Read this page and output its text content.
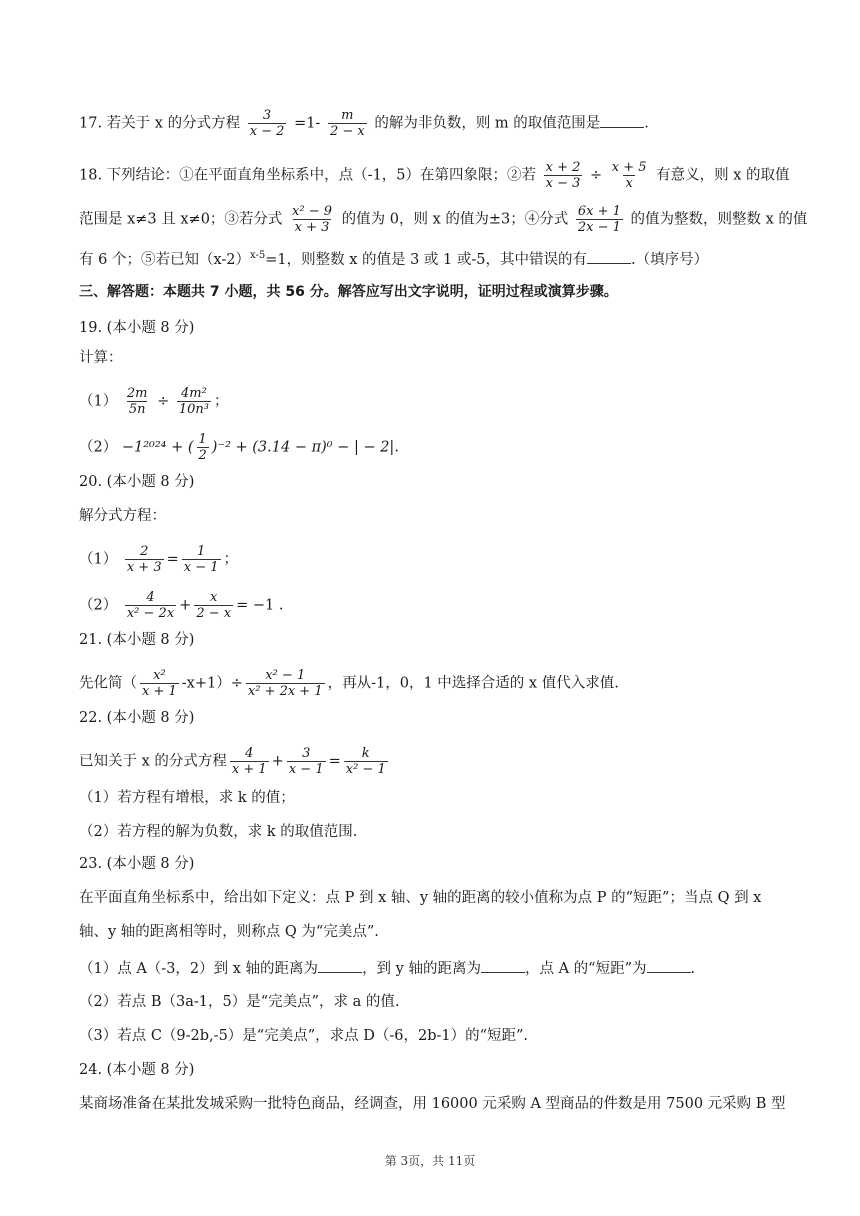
17. 若关于 x 的分式方程 $\frac{3}{x - 2} =1- \frac{m}{2 - x}$ 的解为非负数，则 m 的取值范围是	.
18. 下列结论：①在平面直角坐标系中，点（-1，5）在第四象限；②若 $\frac{x + 2}{x - 3} \div \frac{x + 5}{x}$ 有意义，则 x 的取值
范围是 x≠3 且 x≠0；③若分式 $\frac{\text{x² − 9}}{x + 3}$ 的值为 0，则 x 的值为±3；④分式 $\frac{6x + 1}{2x - 1}$ 的值为整数，则整数 x 的值
有 6 个；⑤若已知$(x-2)^{x-5}=1$，则整数 x 的值是 3 或 1 或-5，其中错误的有	.（填序号）
三、解答题：本题共 7 小题，共 56 分。解答应写出文字说明，证明过程或演算步骤。
19. (本小题 8 分)
计算：
$(1) \frac{2m}{5n} \div \frac{\text{4m²}}{\text{10n³}}$ ；
（2） −1²⁰²⁴ + ( $\frac{1}{2} )^{-2} + (3.14 - \pi)^0$ − | − 2|.
20. (本小题 8 分)
解分式方程：
$(1) \frac{2}{x + 3} = \frac{1}{x - 1}$ ；
$(2) \frac{4}{\text{x² − 2x}} + \frac{x}{2 - x} = -1$ .
21. (本小题 8 分)
先化简（ $\frac{\text{x²}}{x + 1} -x+1)\div \frac{\text{x² − 1}}{\text{x² + 2x + 1}}$ ，再从-1，0，1 中选择合适的 x 值代入求值.
22. (本小题 8 分)
已知关于 x 的分式方程 $\frac{4}{x + 1} + \frac{3}{x - 1} = \frac{k}{\text{x² − 1}}$
（1）若方程有增根，求 k 的值；
（2）若方程的解为负数，求 k 的取值范围.
23. (本小题 8 分)
在平面直角坐标系中，给出如下定义：点 P 到 x 轴、y 轴的距离的较小值称为点 P 的“短距”；当点 Q 到 x
轴、y 轴的距离相等时，则称点 Q 为“完美点”.
（1）点 A（-3，2）到 x 轴的距离为	，到 y 轴的距离为	，点 A 的“短距”为	.
（2）若点 B（3a-1，5）是“完美点”，求 a 的值.
（3）若点 C（9-2b,-5）是“完美点”，求点 D（-6，2b-1）的“短距”.
24. (本小题 8 分)
某商场准备在某批发城采购一批特色商品，经调查，用 16000 元采购 A 型商品的件数是用 7500 元采购 B 型
第 3页，共 11页
